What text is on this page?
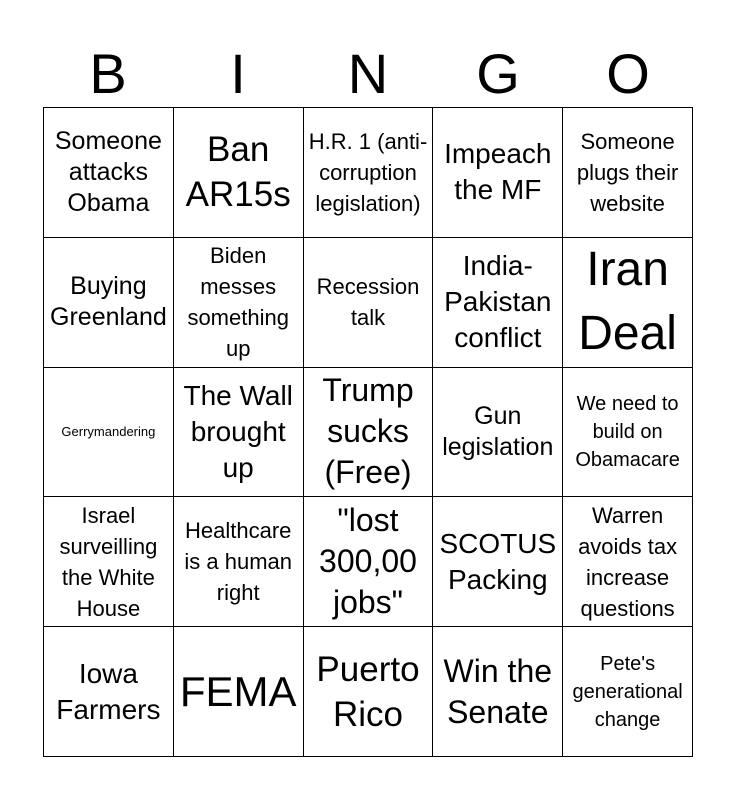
B	I	N	G	O
Someone attacks Obama
Ban AR15s
H.R. 1 (anti-corruption legislation)
Impeach the MF
Someone plugs their website
Buying Greenland
Biden messes something up
Recession talk
India-Pakistan conflict
Iran Deal
Gerrymandering
The Wall brought up
Trump sucks (Free)
Gun legislation
We need to build on Obamacare
Israel surveilling the White House
Healthcare is a human right
"lost 300,00 jobs"
SCOTUS Packing
Warren avoids tax increase questions
Iowa Farmers FEMA Puerto Rico
Win the Senate
Pete's generational change
